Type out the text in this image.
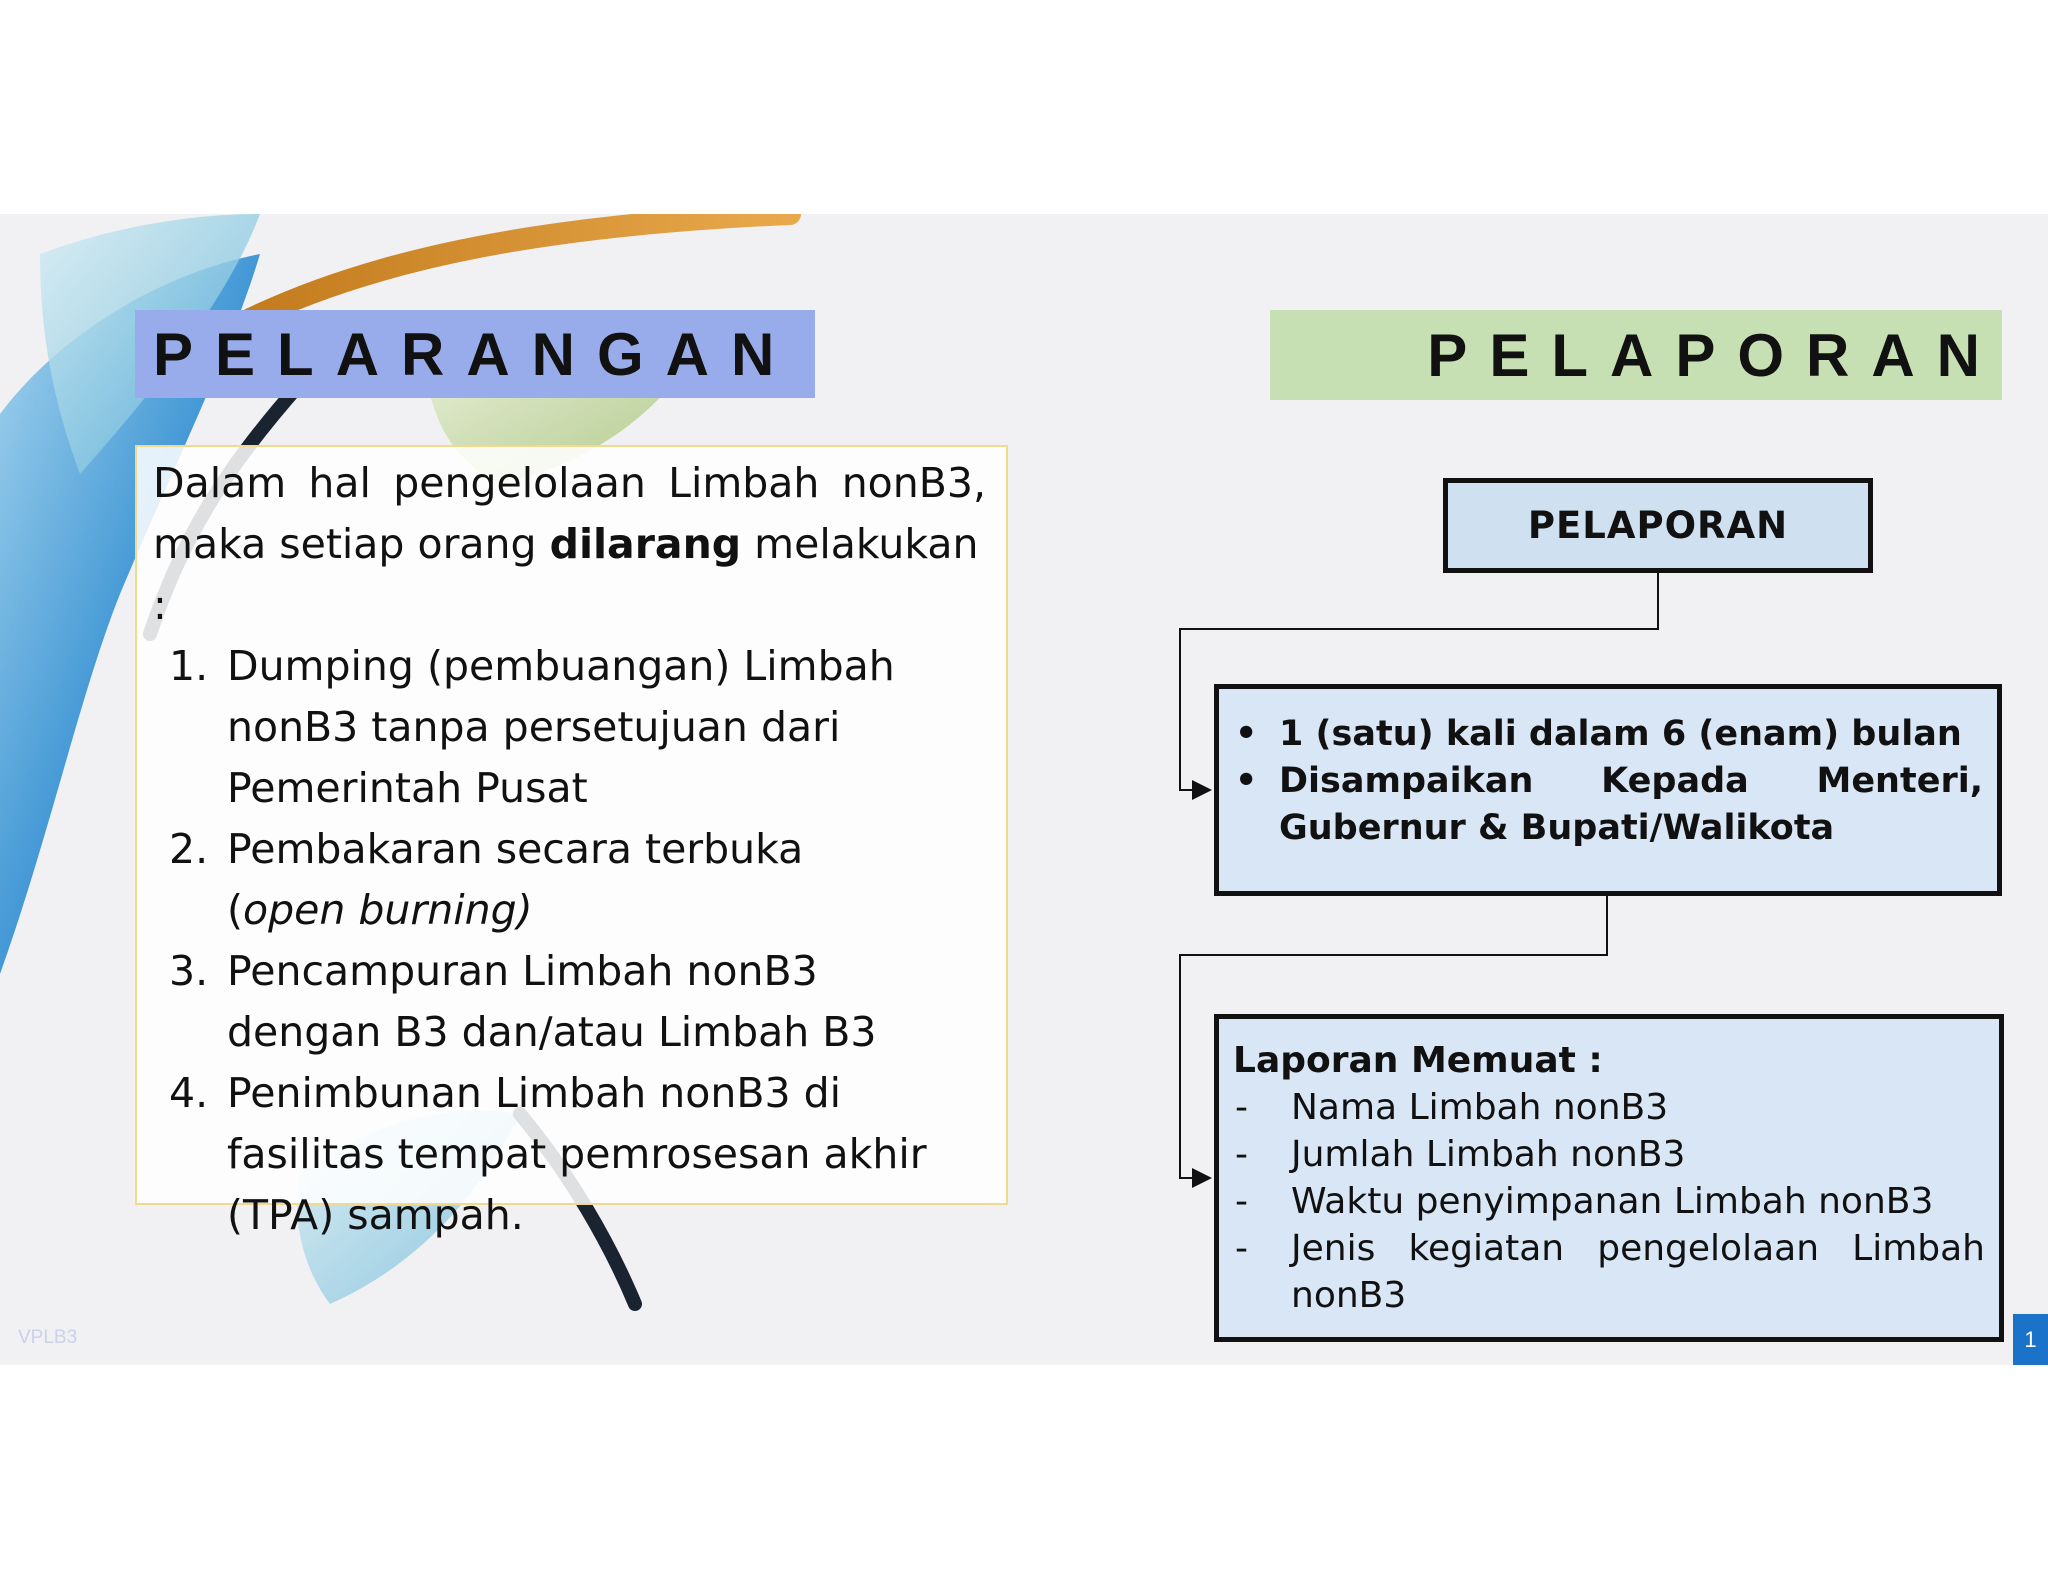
PELARANGAN

Dalam hal pengelolaan Limbah nonB3,

maka setiap orang dilarang melakukan :

1. Dumping (pembuangan) Limbah
nonB3 tanpa persetujuan dari
Pemerintah Pusat
2. Pembakaran secara terbuka
(open burning)
3. Pencampuran Limbah nonB3
dengan B3 dan/atau Limbah B3
4. Penimbunan Limbah nonB3 di
fasilitas tempat pemrosesan akhir
(TPA) sampah.
PELAPORAN
PELAPORAN
• 1 (satu) kali dalam 6 (enam) bulan
• Disampaikan Kepada Menteri,
Gubernur & Bupati/Walikota
Laporan Memuat :
- Nama Limbah nonB3
- Jumlah Limbah nonB3
- Waktu penyimpanan Limbah nonB3
- Jenis kegiatan pengelolaan Limbah
nonB3
VPLB3	1
